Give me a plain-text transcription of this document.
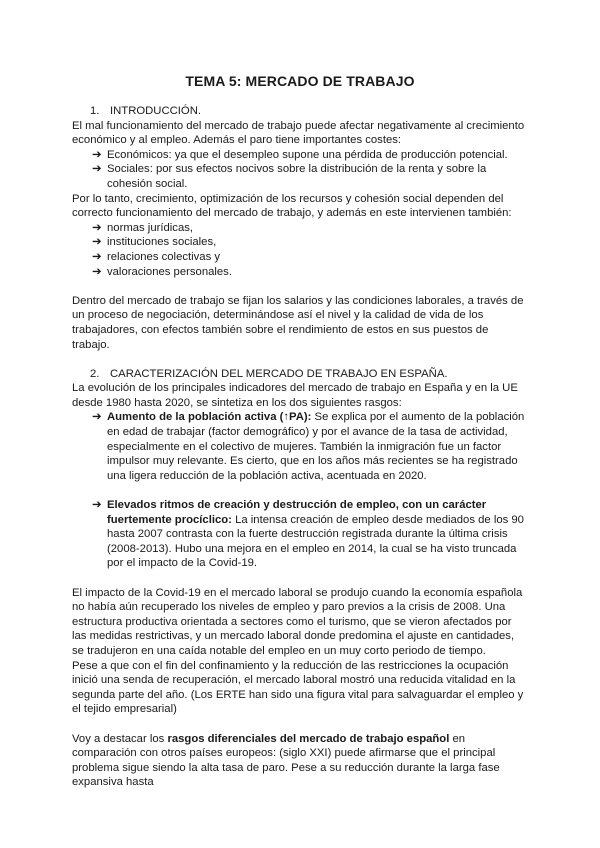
TEMA 5: MERCADO DE TRABAJO

1. INTRODUCCIÓN.

El mal funcionamiento del mercado de trabajo puede afectar negativamente al crecimiento económico y al empleo. Además el paro tiene importantes costes:

➔ Económicos: ya que el desempleo supone una pérdida de producción potencial.
➔ Sociales: por sus efectos nocivos sobre la distribución de la renta y sobre la cohesión social.

Por lo tanto, crecimiento, optimización de los recursos y cohesión social dependen del correcto funcionamiento del mercado de trabajo, y además en este intervienen también:

➔ normas jurídicas,
➔ instituciones sociales,
➔ relaciones colectivas y
➔ valoraciones personales.

Dentro del mercado de trabajo se fijan los salarios y las condiciones laborales, a través de un proceso de negociación, determinándose así el nivel y la calidad de vida de los trabajadores, con efectos también sobre el rendimiento de estos en sus puestos de trabajo.

2. CARACTERIZACIÓN DEL MERCADO DE TRABAJO EN ESPAÑA.

La evolución de los principales indicadores del mercado de trabajo en España y en la UE desde 1980 hasta 2020, se sintetiza en los dos siguientes rasgos:

➔ Aumento de la población activa (↑PA): Se explica por el aumento de la población en edad de trabajar (factor demográfico) y por el avance de la tasa de actividad, especialmente en el colectivo de mujeres. También la inmigración fue un factor impulsor muy relevante. Es cierto, que en los años más recientes se ha registrado una ligera reducción de la población activa, acentuada en 2020.
➔ Elevados ritmos de creación y destrucción de empleo, con un carácter fuertemente procíclico: La intensa creación de empleo desde mediados de los 90 hasta 2007 contrasta con la fuerte destrucción registrada durante la última crisis (2008-2013). Hubo una mejora en el empleo en 2014, la cual se ha visto truncada por el impacto de la Covid-19.

El impacto de la Covid-19 en el mercado laboral se produjo cuando la economía española no había aún recuperado los niveles de empleo y paro previos a la crisis de 2008. Una estructura productiva orientada a sectores como el turismo, que se vieron afectados por las medidas restrictivas, y un mercado laboral donde predomina el ajuste en cantidades, se tradujeron en una caída notable del empleo en un muy corto periodo de tiempo.

Pese a que con el fin del confinamiento y la reducción de las restricciones la ocupación inició una senda de recuperación, el mercado laboral mostró una reducida vitalidad en la segunda parte del año. (Los ERTE han sido una figura vital para salvaguardar el empleo y el tejido empresarial)

Voy a destacar los rasgos diferenciales del mercado de trabajo español en comparación con otros países europeos: (siglo XXI) puede afirmarse que el principal problema sigue siendo la alta tasa de paro. Pese a su reducción durante la larga fase expansiva hasta
